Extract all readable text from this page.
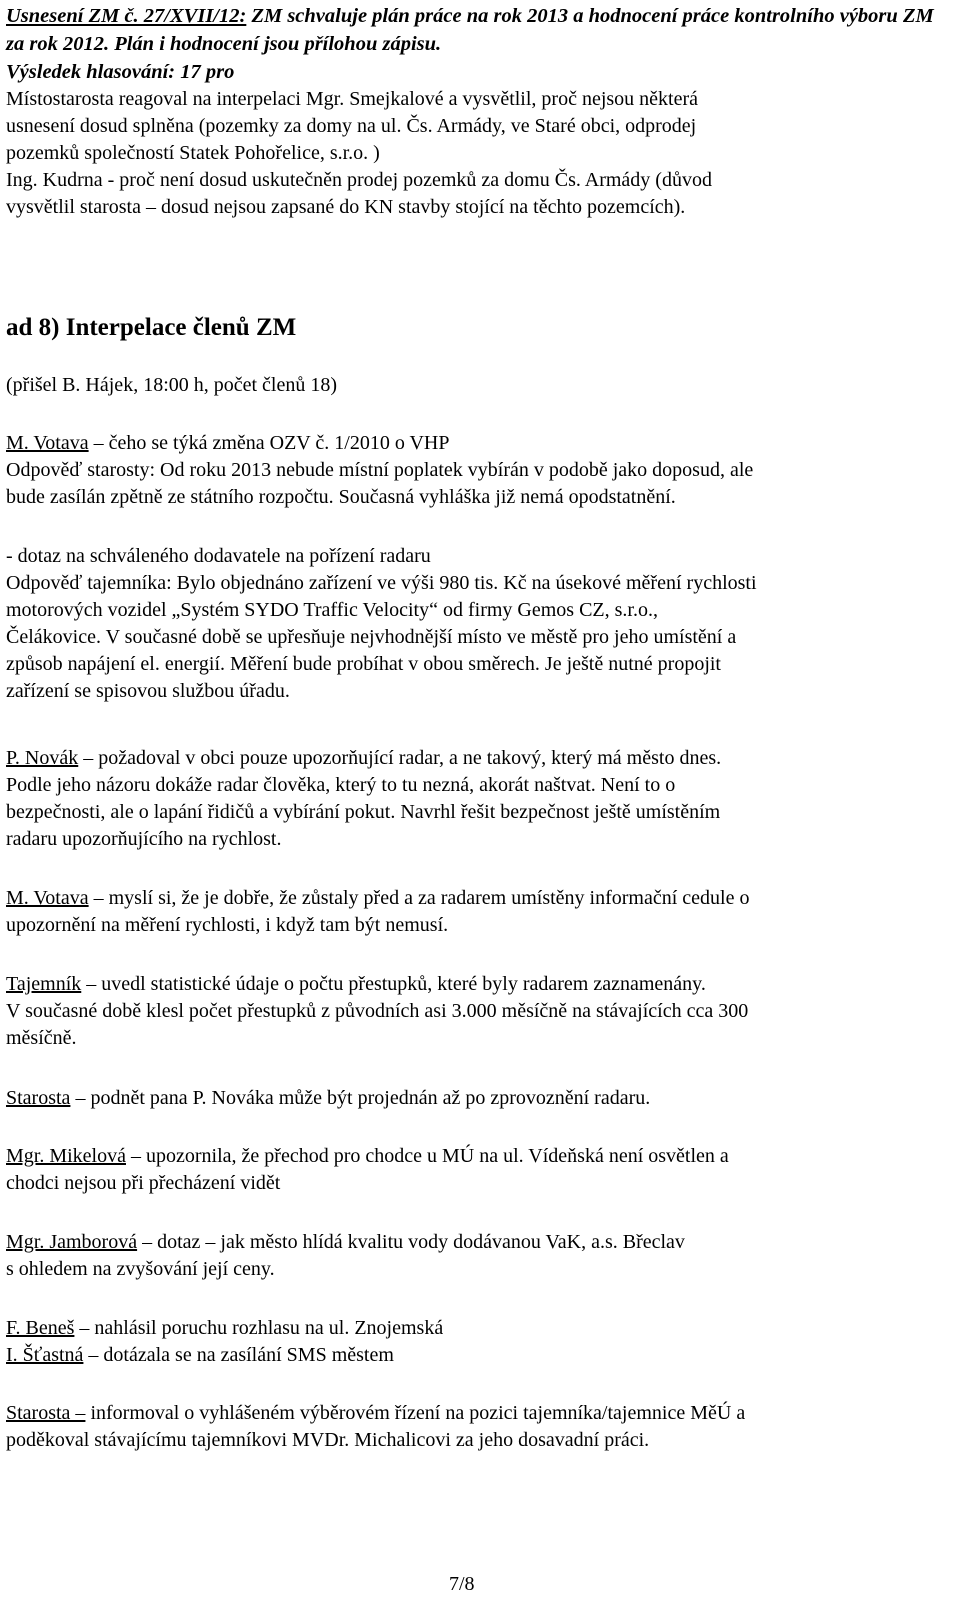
Usnesení ZM č. 27/XVII/12: ZM schvaluje plán práce na rok 2013 a hodnocení práce kontrolního výboru ZM za rok 2012. Plán i hodnocení jsou přílohou zápisu.

Výsledek hlasování: 17 pro

Místostarosta reagoval na interpelaci Mgr. Smejkalové a vysvětlil, proč nejsou některá

usnesení dosud splněna (pozemky za domy na ul. Čs. Armády, ve Staré obci, odprodej

pozemků společností Statek Pohořelice, s.r.o. )

Ing. Kudrna - proč není dosud uskutečněn prodej pozemků za domu Čs. Armády (důvod

vysvětlil starosta – dosud nejsou zapsané do KN stavby stojící na těchto pozemcích).

ad 8) Interpelace členů ZM
(přišel B. Hájek, 18:00 h, počet členů 18)

M. Votava – čeho se týká změna OZV č. 1/2010 o VHP

Odpověď starosty: Od roku 2013 nebude místní poplatek vybírán v podobě jako doposud, ale

bude zasílán zpětně ze státního rozpočtu. Současná vyhláška již nemá opodstatnění.

- dotaz na schváleného dodavatele na pořízení radaru

Odpověď tajemníka: Bylo objednáno zařízení ve výši 980 tis. Kč na úsekové měření rychlosti

motorových vozidel „Systém SYDO Traffic Velocity“ od firmy Gemos CZ, s.r.o.,

Čelákovice. V současné době se upřesňuje nejvhodnější místo ve městě pro jeho umístění a

způsob napájení el. energií. Měření bude probíhat v obou směrech. Je ještě nutné propojit

zařízení se spisovou službou úřadu.

P. Novák – požadoval v obci pouze upozorňující radar, a ne takový, který má město dnes.

Podle jeho názoru dokáže radar člověka, který to tu nezná, akorát naštvat. Není to o

bezpečnosti, ale o lapání řidičů a vybírání pokut. Navrhl řešit bezpečnost ještě umístěním

radaru upozorňujícího na rychlost.

M. Votava – myslí si, že je dobře, že zůstaly před a za radarem umístěny informační cedule o

upozornění na měření rychlosti, i když tam být nemusí.

Tajemník – uvedl statistické údaje o počtu přestupků, které byly radarem zaznamenány.

V současné době klesl počet přestupků z původních asi 3.000 měsíčně na stávajících cca 300

měsíčně.

Starosta – podnět pana P. Nováka může být projednán až po zprovoznění radaru.

Mgr. Mikelová – upozornila, že přechod pro chodce u MÚ na ul. Vídeňská není osvětlen a

chodci nejsou při přecházení vidět

Mgr. Jamborová – dotaz – jak město hlídá kvalitu vody dodávanou VaK, a.s. Břeclav

s ohledem na zvyšování její ceny.

F. Beneš – nahlásil poruchu rozhlasu na ul. Znojemská

I. Šťastná – dotázala se na zasílání SMS městem

Starosta – informoval o vyhlášeném výběrovém řízení na pozici tajemníka/tajemnice MěÚ a

poděkoval stávajícímu tajemníkovi MVDr. Michalicovi za jeho dosavadní práci.

7/8
